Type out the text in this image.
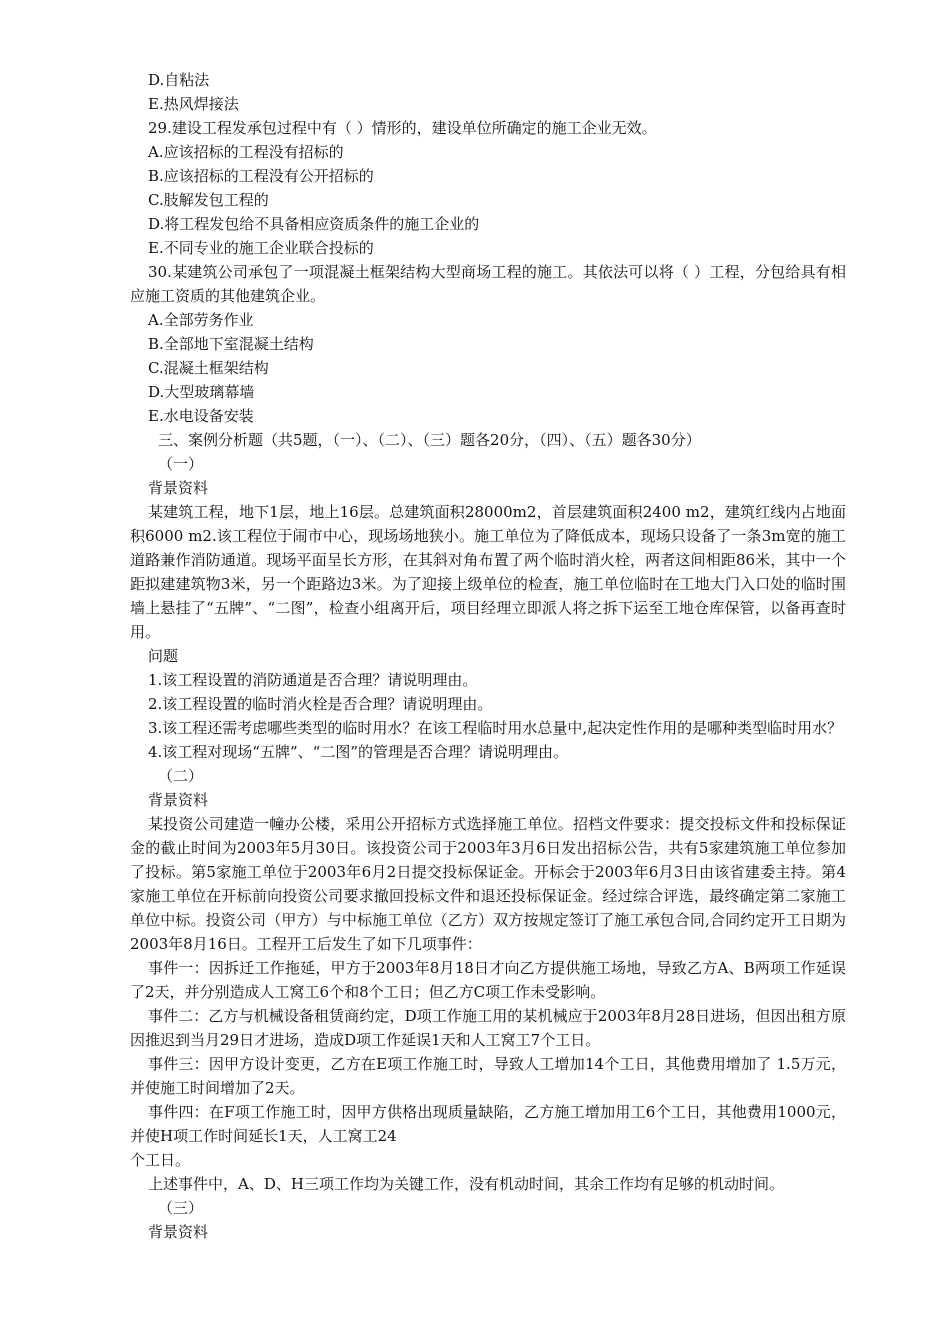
D.自粘法

E.热风焊接法

29.建设工程发承包过程中有（ ）情形的，建设单位所确定的施工企业无效。

A.应该招标的工程没有招标的

B.应该招标的工程没有公开招标的

C.肢解发包工程的

D.将工程发包给不具备相应资质条件的施工企业的

E.不同专业的施工企业联合投标的

30.某建筑公司承包了一项混凝土框架结构大型商场工程的施工。其依法可以将（ ）工程，分包给具有相应施工资质的其他建筑企业。

A.全部劳务作业

B.全部地下室混凝土结构

C.混凝土框架结构

D.大型玻璃幕墙

E.水电设备安装

三、案例分析题（共5题，（一）、（二）、（三）题各20分，（四）、（五）题各30分）

（一）

背景资料

某建筑工程，地下1层，地上16层。总建筑面积28000m2，首层建筑面积2400 m2，建筑红线内占地面积6000 m2.该工程位于闹市中心，现场场地狭小。施工单位为了降低成本，现场只设备了一条3m宽的施工道路兼作消防通道。现场平面呈长方形，在其斜对角布置了两个临时消火栓，两者这间相距86米，其中一个距拟建建筑物3米，另一个距路边3米。为了迎接上级单位的检查，施工单位临时在工地大门入口处的临时围墙上悬挂了“五牌”、“二图”，检查小组离开后，项目经理立即派人将之拆下运至工地仓库保管，以备再查时用。

问题

1.该工程设置的消防通道是否合理？请说明理由。

2.该工程设置的临时消火栓是否合理？请说明理由。

3.该工程还需考虑哪些类型的临时用水？在该工程临时用水总量中,起决定性作用的是哪种类型临时用水？

4.该工程对现场“五牌”、“二图”的管理是否合理？请说明理由。

（二）

背景资料

某投资公司建造一幢办公楼，采用公开招标方式选择施工单位。招档文件要求：提交投标文件和投标保证金的截止时间为2003年5月30日。该投资公司于2003年3月6日发出招标公告，共有5家建筑施工单位参加了投标。第5家施工单位于2003年6月2日提交投标保证金。开标会于2003年6月3日由该省建委主持。第4家施工单位在开标前向投资公司要求撤回投标文件和退还投标保证金。经过综合评选，最终确定第二家施工单位中标。投资公司（甲方）与中标施工单位（乙方）双方按规定签订了施工承包合同,合同约定开工日期为2003年8月16日。工程开工后发生了如下几项事件：

事件一：因拆迁工作拖延，甲方于2003年8月18日才向乙方提供施工场地，导致乙方A、B两项工作延误了2天，并分别造成人工窝工6个和8个工日；但乙方C项工作未受影响。

事件二：乙方与机械设备租赁商约定，D项工作施工用的某机械应于2003年8月28日进场，但因出租方原因推迟到当月29日才进场，造成D项工作延误1天和人工窝工7个工日。

事件三：因甲方设计变更，乙方在E项工作施工时，导致人工增加14个工日，其他费用增加了 1.5万元，并使施工时间增加了2天。

事件四：在F项工作施工时，因甲方供格出现质量缺陷，乙方施工增加用工6个工日，其他费用1000元，并使H项工作时间延长1天，人工窝工24

个工日。

上述事件中，A、D、H三项工作均为关键工作，没有机动时间，其余工作均有足够的机动时间。

（三）

背景资料
